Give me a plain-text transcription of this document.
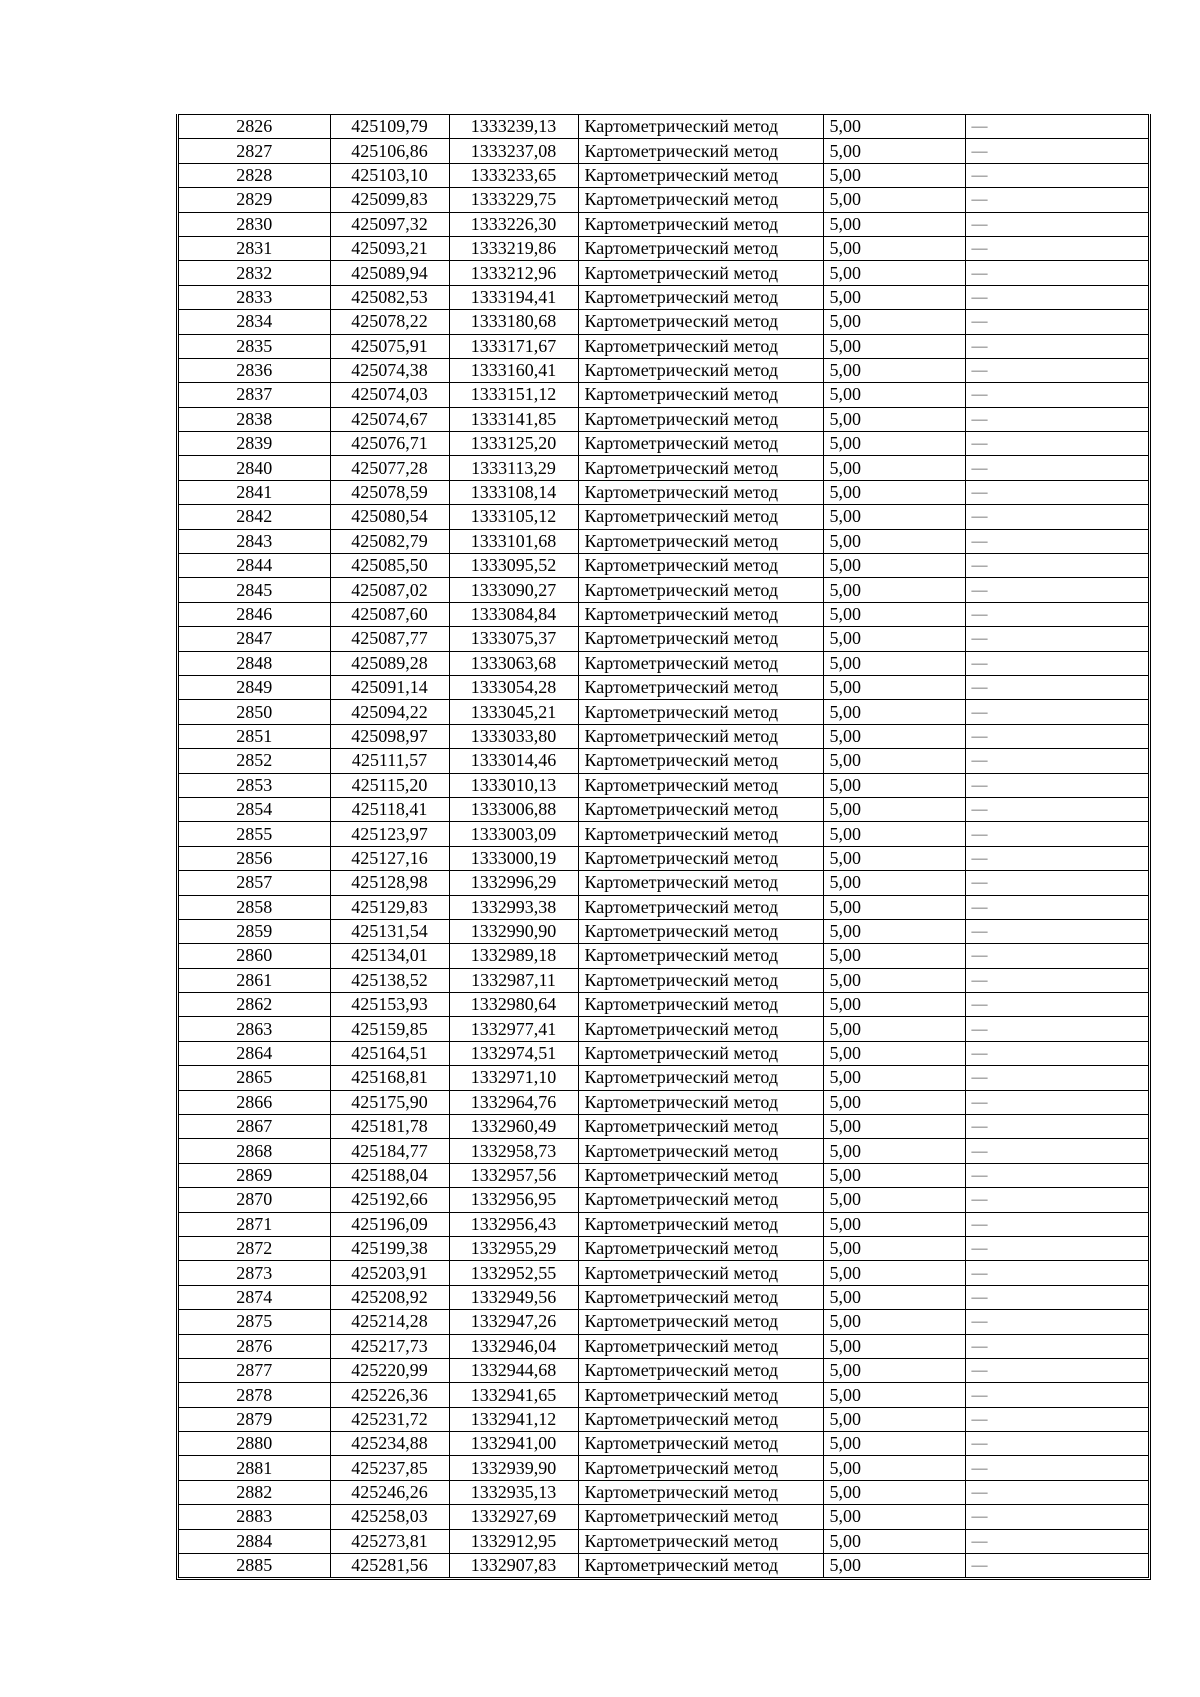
2826	425109,79	1333239,13	Картометрический метод	5,00	—
2827	425106,86	1333237,08	Картометрический метод	5,00	—
2828	425103,10	1333233,65	Картометрический метод	5,00	—
2829	425099,83	1333229,75	Картометрический метод	5,00	—
2830	425097,32	1333226,30	Картометрический метод	5,00	—
2831	425093,21	1333219,86	Картометрический метод	5,00	—
2832	425089,94	1333212,96	Картометрический метод	5,00	—
2833	425082,53	1333194,41	Картометрический метод	5,00	—
2834	425078,22	1333180,68	Картометрический метод	5,00	—
2835	425075,91	1333171,67	Картометрический метод	5,00	—
2836	425074,38	1333160,41	Картометрический метод	5,00	—
2837	425074,03	1333151,12	Картометрический метод	5,00	—
2838	425074,67	1333141,85	Картометрический метод	5,00	—
2839	425076,71	1333125,20	Картометрический метод	5,00	—
2840	425077,28	1333113,29	Картометрический метод	5,00	—
2841	425078,59	1333108,14	Картометрический метод	5,00	—
2842	425080,54	1333105,12	Картометрический метод	5,00	—
2843	425082,79	1333101,68	Картометрический метод	5,00	—
2844	425085,50	1333095,52	Картометрический метод	5,00	—
2845	425087,02	1333090,27	Картометрический метод	5,00	—
2846	425087,60	1333084,84	Картометрический метод	5,00	—
2847	425087,77	1333075,37	Картометрический метод	5,00	—
2848	425089,28	1333063,68	Картометрический метод	5,00	—
2849	425091,14	1333054,28	Картометрический метод	5,00	—
2850	425094,22	1333045,21	Картометрический метод	5,00	—
2851	425098,97	1333033,80	Картометрический метод	5,00	—
2852	425111,57	1333014,46	Картометрический метод	5,00	—
2853	425115,20	1333010,13	Картометрический метод	5,00	—
2854	425118,41	1333006,88	Картометрический метод	5,00	—
2855	425123,97	1333003,09	Картометрический метод	5,00	—
2856	425127,16	1333000,19	Картометрический метод	5,00	—
2857	425128,98	1332996,29	Картометрический метод	5,00	—
2858	425129,83	1332993,38	Картометрический метод	5,00	—
2859	425131,54	1332990,90	Картометрический метод	5,00	—
2860	425134,01	1332989,18	Картометрический метод	5,00	—
2861	425138,52	1332987,11	Картометрический метод	5,00	—
2862	425153,93	1332980,64	Картометрический метод	5,00	—
2863	425159,85	1332977,41	Картометрический метод	5,00	—
2864	425164,51	1332974,51	Картометрический метод	5,00	—
2865	425168,81	1332971,10	Картометрический метод	5,00	—
2866	425175,90	1332964,76	Картометрический метод	5,00	—
2867	425181,78	1332960,49	Картометрический метод	5,00	—
2868	425184,77	1332958,73	Картометрический метод	5,00	—
2869	425188,04	1332957,56	Картометрический метод	5,00	—
2870	425192,66	1332956,95	Картометрический метод	5,00	—
2871	425196,09	1332956,43	Картометрический метод	5,00	—
2872	425199,38	1332955,29	Картометрический метод	5,00	—
2873	425203,91	1332952,55	Картометрический метод	5,00	—
2874	425208,92	1332949,56	Картометрический метод	5,00	—
2875	425214,28	1332947,26	Картометрический метод	5,00	—
2876	425217,73	1332946,04	Картометрический метод	5,00	—
2877	425220,99	1332944,68	Картометрический метод	5,00	—
2878	425226,36	1332941,65	Картометрический метод	5,00	—
2879	425231,72	1332941,12	Картометрический метод	5,00	—
2880	425234,88	1332941,00	Картометрический метод	5,00	—
2881	425237,85	1332939,90	Картометрический метод	5,00	—
2882	425246,26	1332935,13	Картометрический метод	5,00	—
2883	425258,03	1332927,69	Картометрический метод	5,00	—
2884	425273,81	1332912,95	Картометрический метод	5,00	—
2885	425281,56	1332907,83	Картометрический метод	5,00	—
